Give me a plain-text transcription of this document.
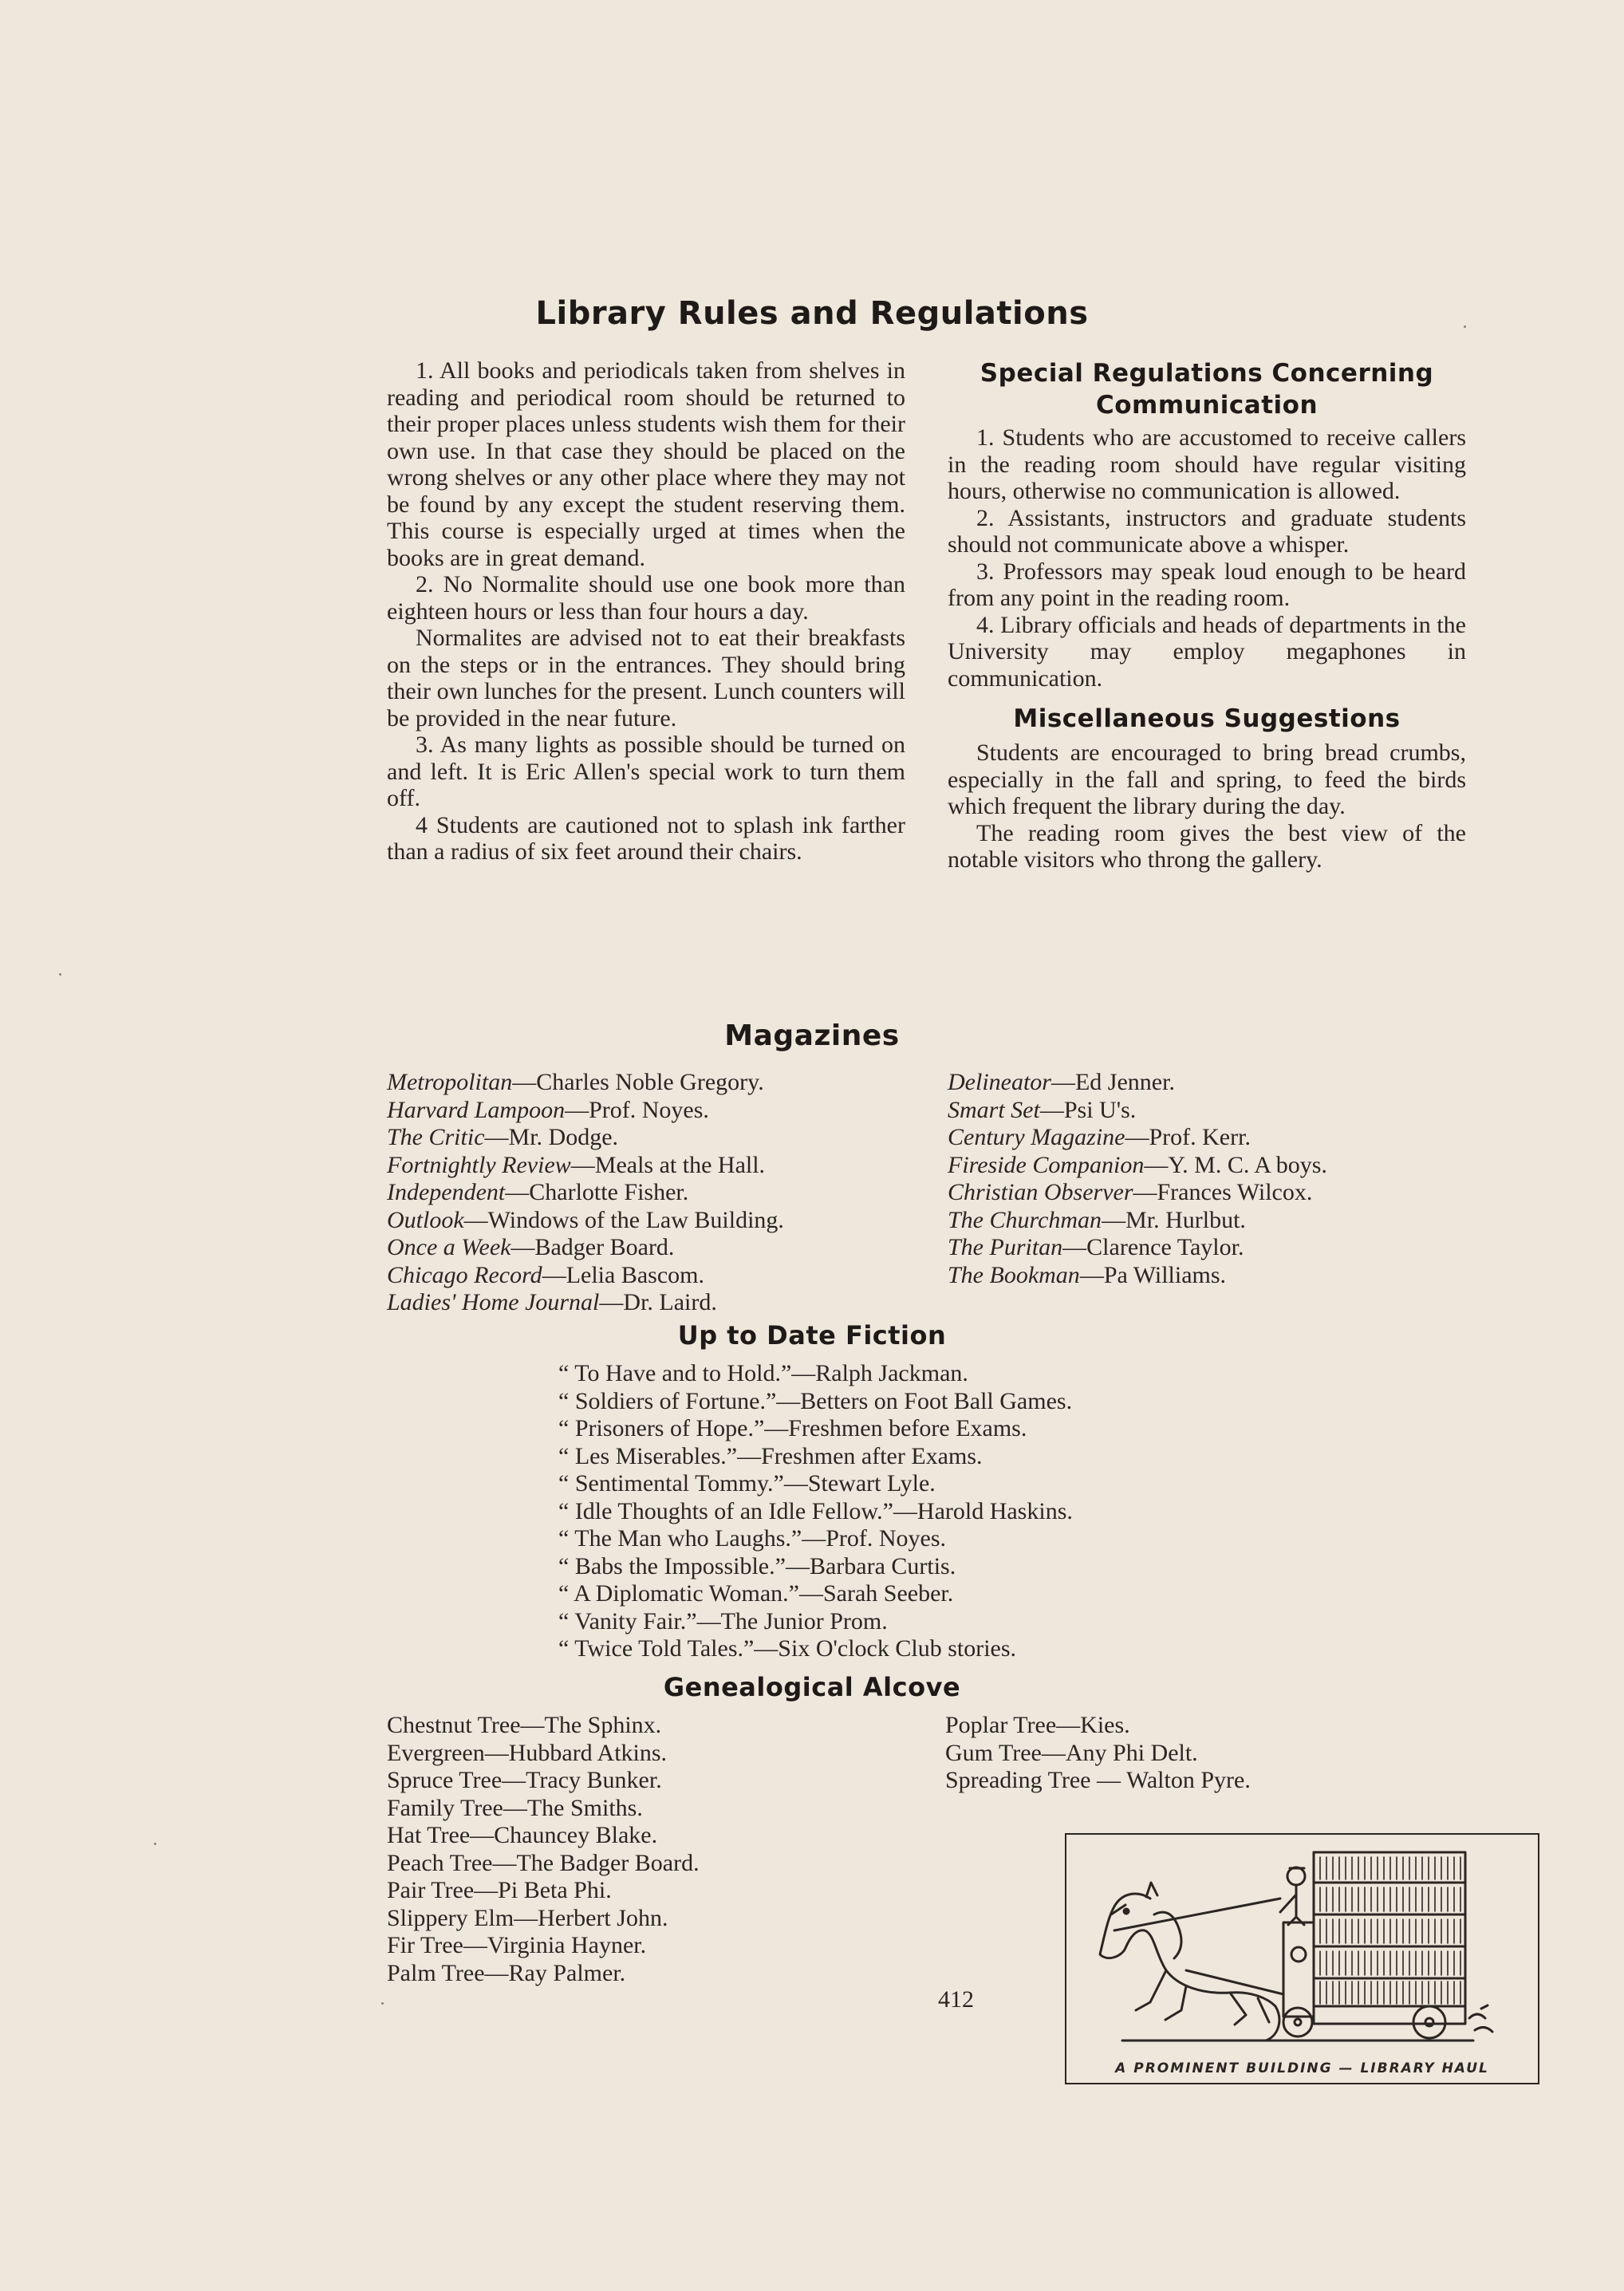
Library Rules and Regulations

1. All books and periodicals taken from shelves in reading and periodical room should be returned to their proper places unless students wish them for their own use. In that case they should be placed on the wrong shelves or any other place where they may not be found by any except the student reserving them. This course is especially urged at times when the books are in great demand.

2. No Normalite should use one book more than eighteen hours or less than four hours a day.

Normalites are advised not to eat their breakfasts on the steps or in the entrances. They should bring their own lunches for the present. Lunch counters will be provided in the near future.

3. As many lights as possible should be turned on and left. It is Eric Allen's special work to turn them off.

4 Students are cautioned not to splash ink farther than a radius of six feet around their chairs.

Special Regulations Concerning Communication

1. Students who are accustomed to receive callers in the reading room should have regular visiting hours, otherwise no communication is allowed.

2. Assistants, instructors and graduate students should not communicate above a whisper.

3. Professors may speak loud enough to be heard from any point in the reading room.

4. Library officials and heads of departments in the University may employ megaphones in communication.

Miscellaneous Suggestions

Students are encouraged to bring bread crumbs, especially in the fall and spring, to feed the birds which frequent the library during the day.

The reading room gives the best view of the notable visitors who throng the gallery.

Magazines
Metropolitan—Charles Noble Gregory.
Harvard Lampoon—Prof. Noyes.
The Critic—Mr. Dodge.
Fortnightly Review—Meals at the Hall.
Independent—Charlotte Fisher.
Outlook—Windows of the Law Building.
Once a Week—Badger Board.
Chicago Record—Lelia Bascom.
Ladies' Home Journal—Dr. Laird.
Delineator—Ed Jenner.
Smart Set—Psi U's.
Century Magazine—Prof. Kerr.
Fireside Companion—Y. M. C. A boys.
Christian Observer—Frances Wilcox.
The Churchman—Mr. Hurlbut.
The Puritan—Clarence Taylor.
The Bookman—Pa Williams.
Up to Date Fiction
“ To Have and to Hold.”—Ralph Jackman.
“ Soldiers of Fortune.”—Betters on Foot Ball Games.
“ Prisoners of Hope.”—Freshmen before Exams.
“ Les Miserables.”—Freshmen after Exams.
“ Sentimental Tommy.”—Stewart Lyle.
“ Idle Thoughts of an Idle Fellow.”—Harold Haskins.
“ The Man who Laughs.”—Prof. Noyes.
“ Babs the Impossible.”—Barbara Curtis.
“ A Diplomatic Woman.”—Sarah Seeber.
“ Vanity Fair.”—The Junior Prom.
“ Twice Told Tales.”—Six O'clock Club stories.
Genealogical Alcove
Chestnut Tree—The Sphinx.
Evergreen—Hubbard Atkins.
Spruce Tree—Tracy Bunker.
Family Tree—The Smiths.
Hat Tree—Chauncey Blake.
Peach Tree—The Badger Board.
Pair Tree—Pi Beta Phi.
Slippery Elm—Herbert John.
Fir Tree—Virginia Hayner.
Palm Tree—Ray Palmer.
Poplar Tree—Kies.
Gum Tree—Any Phi Delt.
Spreading Tree — Walton Pyre.
412
A PROMINENT BUILDING — LIBRARY HAUL
